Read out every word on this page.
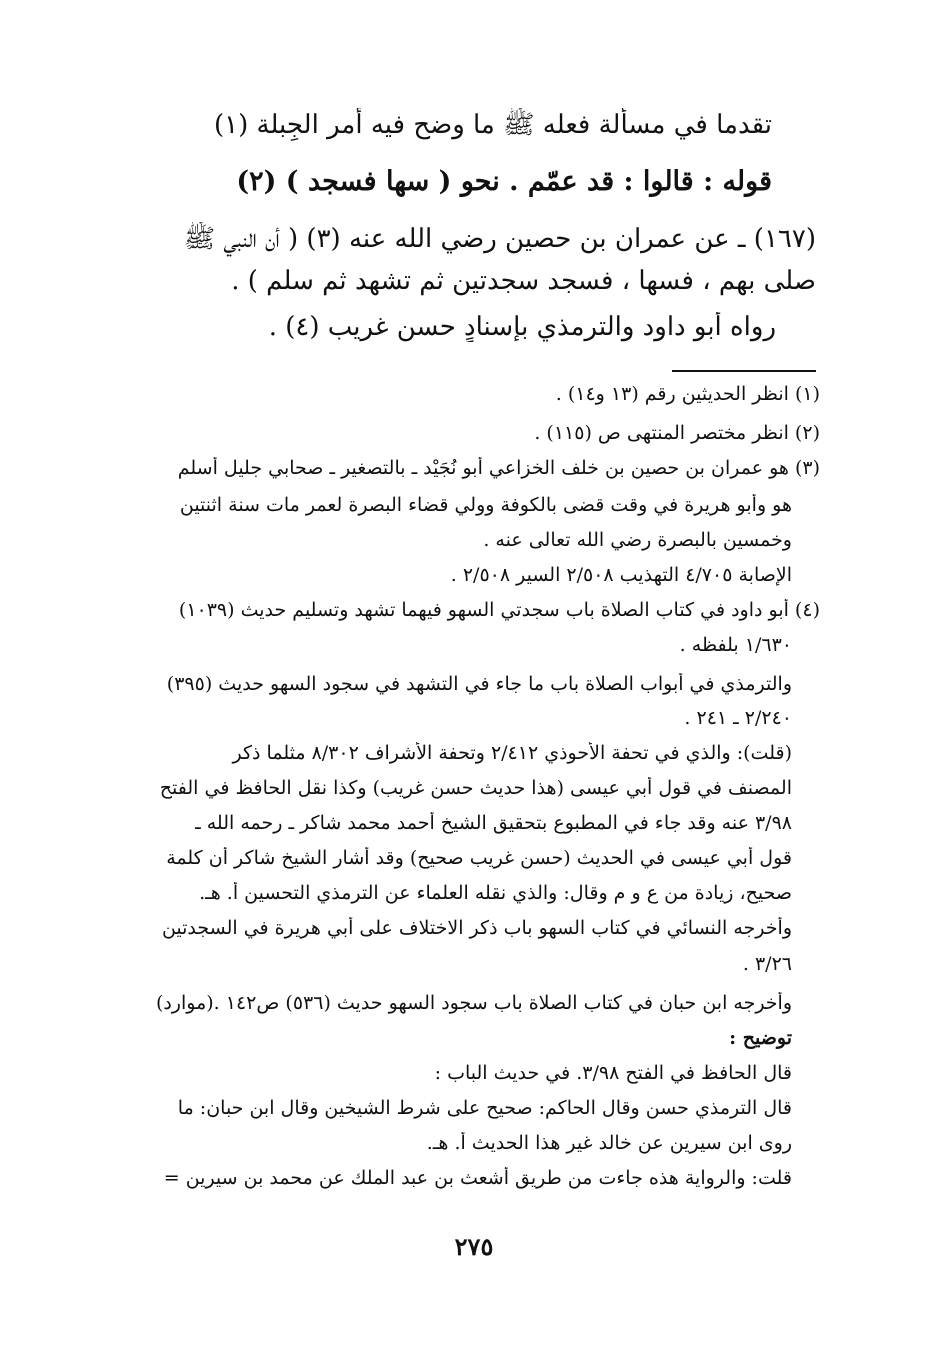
تقدما في مسألة فعله ﷺ ما وضح فيه أمر الجِبلة (١)
قوله : قالوا : قد عمّم . نحو ( سها فسجد ) (٢)
(١٦٧) ـ عن عمران بن حصين رضي الله عنه (٣) ( أن النبي ﷺ
صلى بهم ، فسها ، فسجد سجدتين ثم تشهد ثم سلم ) .
رواه أبو داود والترمذي بإسنادٍ حسن غريب (٤) .
(١) انظر الحديثين رقم (١٣ و١٤) .
(٢) انظر مختصر المنتهى ص (١١٥) .
(٣) هو عمران بن حصين بن خلف الخزاعي أبو نُجَيْد ـ بالتصغير ـ صحابي جليل أسلم
هو وأبو هريرة في وقت قضى بالكوفة وولي قضاء البصرة لعمر مات سنة اثنتين
وخمسين بالبصرة رضي الله تعالى عنه .
الإصابة ٤/٧٠٥ التهذيب ٢/٥٠٨ السير ٢/٥٠٨ .
(٤) أبو داود في كتاب الصلاة باب سجدتي السهو فيهما تشهد وتسليم حديث (١٠٣٩)
١/٦٣٠ بلفظه .
والترمذي في أبواب الصلاة باب ما جاء في التشهد في سجود السهو حديث (٣٩٥)
٢/٢٤٠ ـ ٢٤١ .
(قلت): والذي في تحفة الأحوذي ٢/٤١٢ وتحفة الأشراف ٨/٣٠٢ مثلما ذكر
المصنف في قول أبي عيسى (هذا حديث حسن غريب) وكذا نقل الحافظ في الفتح
٣/٩٨ عنه وقد جاء في المطبوع بتحقيق الشيخ أحمد محمد شاكر ـ رحمه الله ـ
قول أبي عيسى في الحديث (حسن غريب صحيح) وقد أشار الشيخ شاكر أن كلمة
صحيح، زيادة من ع و م وقال: والذي نقله العلماء عن الترمذي التحسين أ. هـ.
وأخرجه النسائي في كتاب السهو باب ذكر الاختلاف على أبي هريرة في السجدتين
٣/٢٦ .
وأخرجه ابن حبان في كتاب الصلاة باب سجود السهو حديث (٥٣٦) ص١٤٢ .(موارد)
توضيح :
قال الحافظ في الفتح ٣/٩٨. في حديث الباب :
قال الترمذي حسن وقال الحاكم: صحيح على شرط الشيخين وقال ابن حبان: ما
روى ابن سيرين عن خالد غير هذا الحديث أ. هـ.
قلت: والرواية هذه جاءت من طريق أشعث بن عبد الملك عن محمد بن سيرين =
٢٧٥
